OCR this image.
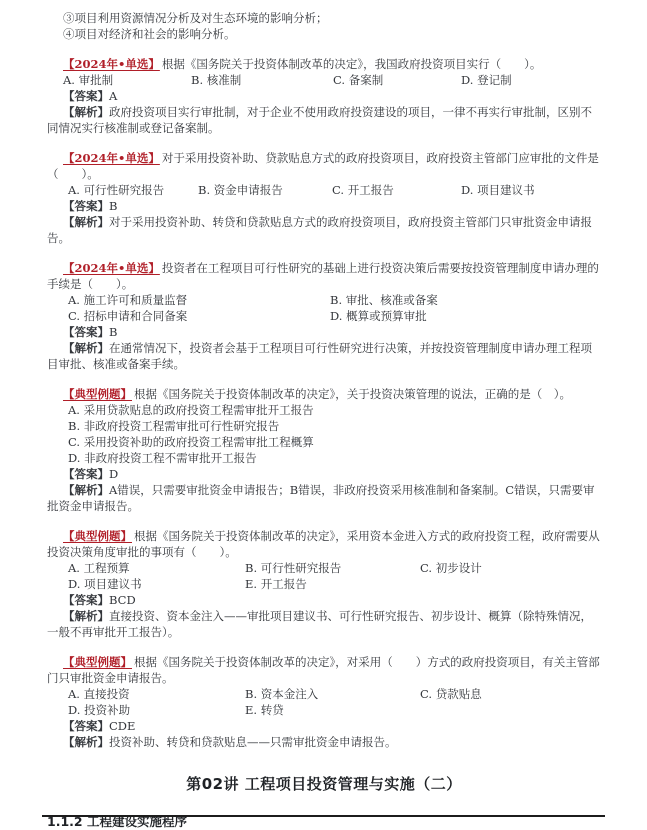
③项目利用资源情况分析及对生态环境的影响分析；

④项目对经济和社会的影响分析。

【2024年•单选】 根据《国务院关于投资体制改革的决定》，我国政府投资项目实行（　　）。

A. 审批制	B. 核准制	C. 备案制	D. 登记制

【答案】A

【解析】政府投资项目实行审批制，对于企业不使用政府投资建设的项目，一律不再实行审批制，区别不同情况实行核准制或登记备案制。

【2024年•单选】 对于采用投资补助、贷款贴息方式的政府投资项目，政府投资主管部门应审批的文件是（　　）。

A. 可行性研究报告	B. 资金申请报告	C. 开工报告	D. 项目建议书

【答案】B

【解析】对于采用投资补助、转贷和贷款贴息方式的政府投资项目，政府投资主管部门只审批资金申请报告。

【2024年•单选】 投资者在工程项目可行性研究的基础上进行投资决策后需要按投资管理制度申请办理的手续是（　　）。

A. 施工许可和质量监督	B. 审批、核准或备案
C. 招标申请和合同备案	D. 概算或预算审批

【答案】B

【解析】在通常情况下，投资者会基于工程项目可行性研究进行决策，并按投资管理制度申请办理工程项目审批、核准或备案手续。

【典型例题】 根据《国务院关于投资体制改革的决定》，关于投资决策管理的说法，正确的是（　）。

A. 采用贷款贴息的政府投资工程需审批开工报告
B. 非政府投资工程需审批可行性研究报告
C. 采用投资补助的政府投资工程需审批工程概算
D. 非政府投资工程不需审批开工报告

【答案】D

【解析】A错误，只需要审批资金申请报告；B错误，非政府投资采用核准制和备案制。C错误，只需要审批资金申请报告。

【典型例题】 根据《国务院关于投资体制改革的决定》，采用资本金进入方式的政府投资工程，政府需要从投资决策角度审批的事项有（　　）。

A. 工程预算	B. 可行性研究报告	C. 初步设计
D. 项目建议书	E. 开工报告

【答案】BCD

【解析】直接投资、资本金注入——审批项目建议书、可行性研究报告、初步设计、概算（除特殊情况，一般不再审批开工报告）。

【典型例题】 根据《国务院关于投资体制改革的决定》，对采用（　　）方式的政府投资项目，有关主管部门只审批资金申请报告。

A. 直接投资	B. 资本金注入	C. 贷款贴息
D. 投资补助	E. 转贷

【答案】CDE

【解析】投资补助、转贷和贷款贴息——只需审批资金申请报告。

第02讲 工程项目投资管理与实施（二）
1.1.2 工程建设实施程序
